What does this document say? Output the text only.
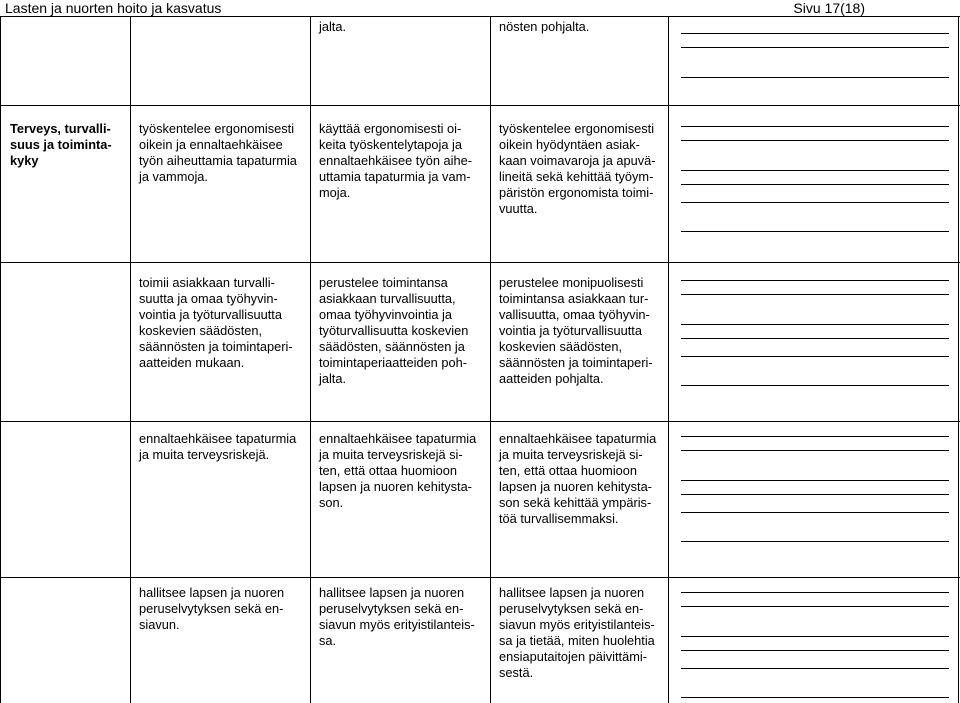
Lasten ja nuorten hoito ja kasvatus	Sivu 17(18)

jalta.	nösten pohjalta.

Terveys, turvalli-
suus ja toiminta-
kyky

työskentelee ergonomisesti
oikein ja ennaltaehkäisee
työn aiheuttamia tapaturmia
ja vammoja.

käyttää ergonomisesti oi-
keita työskentelytapoja ja
ennaltaehkäisee työn aihe-
uttamia tapaturmia ja vam-
moja.

työskentelee ergonomisesti
oikein hyödyntäen asiak-
kaan voimavaroja ja apuvä-
lineitä sekä kehittää työym-
päristön ergonomista toimi-
vuutta.

toimii asiakkaan turvalli-
suutta ja omaa työhyvin-
vointia ja työturvallisuutta
koskevien säädösten,
säännösten ja toimintaperi-
aatteiden mukaan.

perustelee toimintansa
asiakkaan turvallisuutta,
omaa työhyvinvointia ja
työturvallisuutta koskevien
säädösten, säännösten ja
toimintaperiaatteiden poh-
jalta.

perustelee monipuolisesti
toimintansa asiakkaan tur-
vallisuutta, omaa työhyvin-
vointia ja työturvallisuutta
koskevien säädösten,
säännösten ja toimintaperi-
aatteiden pohjalta.

ennaltaehkäisee tapaturmia
ja muita terveysriskejä.

ennaltaehkäisee tapaturmia
ja muita terveysriskejä si-
ten, että ottaa huomioon
lapsen ja nuoren kehitysta-
son.

ennaltaehkäisee tapaturmia
ja muita terveysriskejä si-
ten, että ottaa huomioon
lapsen ja nuoren kehitysta-
son sekä kehittää ympäris-
töä turvallisemmaksi.

hallitsee lapsen ja nuoren
peruselvytyksen sekä en-
siavun.

hallitsee lapsen ja nuoren
peruselvytyksen sekä en-
siavun myös erityistilanteis-
sa.

hallitsee lapsen ja nuoren
peruselvytyksen sekä en-
siavun myös erityistilanteis-
sa ja tietää, miten huolehtia
ensiaputaitojen päivittämi-
sestä.
